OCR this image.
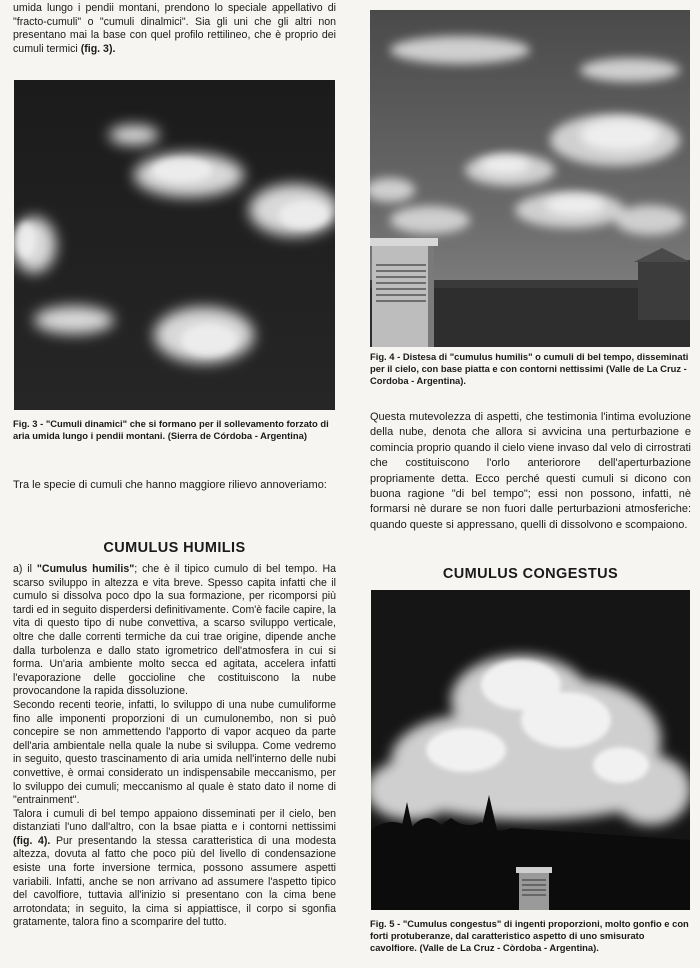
umida lungo i pendii montani, prendono lo speciale appellativo di "fracto-cumuli" o "cumuli dinalmici". Sia gli uni che gli altri non presentano mai la base con quel profilo rettilineo, che è proprio dei cumuli termici (fig. 3).

Fig. 3 - "Cumuli dinamici" che si formano per il sollevamento forzato di aria umida lungo i pendii montani. (Sierra de Córdoba - Argentina)

Tra le specie di cumuli che hanno maggiore rilievo annoveriamo:

CUMULUS HUMILIS

a) il "Cumulus humilis"; che è il tipico cumulo di bel tempo. Ha scarso sviluppo in altezza e vita breve. Spesso capita infatti che il cumulo si dissolva poco dpo la sua formazione, per ricomporsi più tardi ed in seguito disperdersi definitivamente. Com'è facile capire, la vita di questo tipo di nube convettiva, a scarso sviluppo verticale, oltre che dalle correnti termiche da cui trae origine, dipende anche dalla turbolenza e dallo stato igrometrico dell'atmosfera in cui si forma. Un'aria ambiente molto secca ed agitata, accelera infatti l'evaporazione delle goccioline che costituiscono la nube provocandone la rapida dissoluzione.

Secondo recenti teorie, infatti, lo sviluppo di una nube cumuliforme fino alle imponenti proporzioni di un cumulonembo, non si può concepire se non ammettendo l'apporto di vapor acqueo da parte dell'aria ambientale nella quale la nube si sviluppa. Come vedremo in seguito, questo trascinamento di aria umida nell'interno delle nubi convettive, è ormai considerato un indispensabile meccanismo, per lo sviluppo dei cumuli; meccanismo al quale è stato dato il nome di "entrainment".

Talora i cumuli di bel tempo appaiono disseminati per il cielo, ben distanziati l'uno dall'altro, con la bsae piatta e i contorni nettissimi (fig. 4). Pur presentando la stessa caratteristica di una modesta altezza, dovuta al fatto che poco più del livello di condensazione esiste una forte inversione termica, possono assumere aspetti variabili. Infatti, anche se non arrivano ad assumere l'aspetto tipico del cavolfiore, tuttavia all'inizio si presentano con la cima bene arrotondata; in seguito, la cima si appiattisce, il corpo si sgonfia gratamente, talora fino a scomparire del tutto.

Fig. 4 - Distesa di "cumulus humilis" o cumuli di bel tempo, disseminati per il cielo, con base piatta e con contorni nettissimi (Valle de La Cruz - Cordoba - Argentina).

Questa mutevolezza di aspetti, che testimonia l'intima evoluzione della nube, denota che allora si avvicina una perturbazione e comincia proprio quando il cielo viene invaso dal velo di cirrostrati che costituiscono l'orlo anteriorore dell'aperturbazione propriamente detta. Ecco perché questi cumuli si dicono con buona ragione "di bel tempo"; essi non possono, infatti, nè formarsi nè durare se non fuori dalle perturbazioni atmosferiche: quando queste si appressano, quelli di dissolvono e scompaiono.

CUMULUS CONGESTUS

Fig. 5 - "Cumulus congestus" di ingenti proporzioni, molto gonfio e con forti protuberanze, dal caratteristico aspetto di uno smisurato cavolfiore. (Valle de La Cruz - Còrdoba - Argentina).
